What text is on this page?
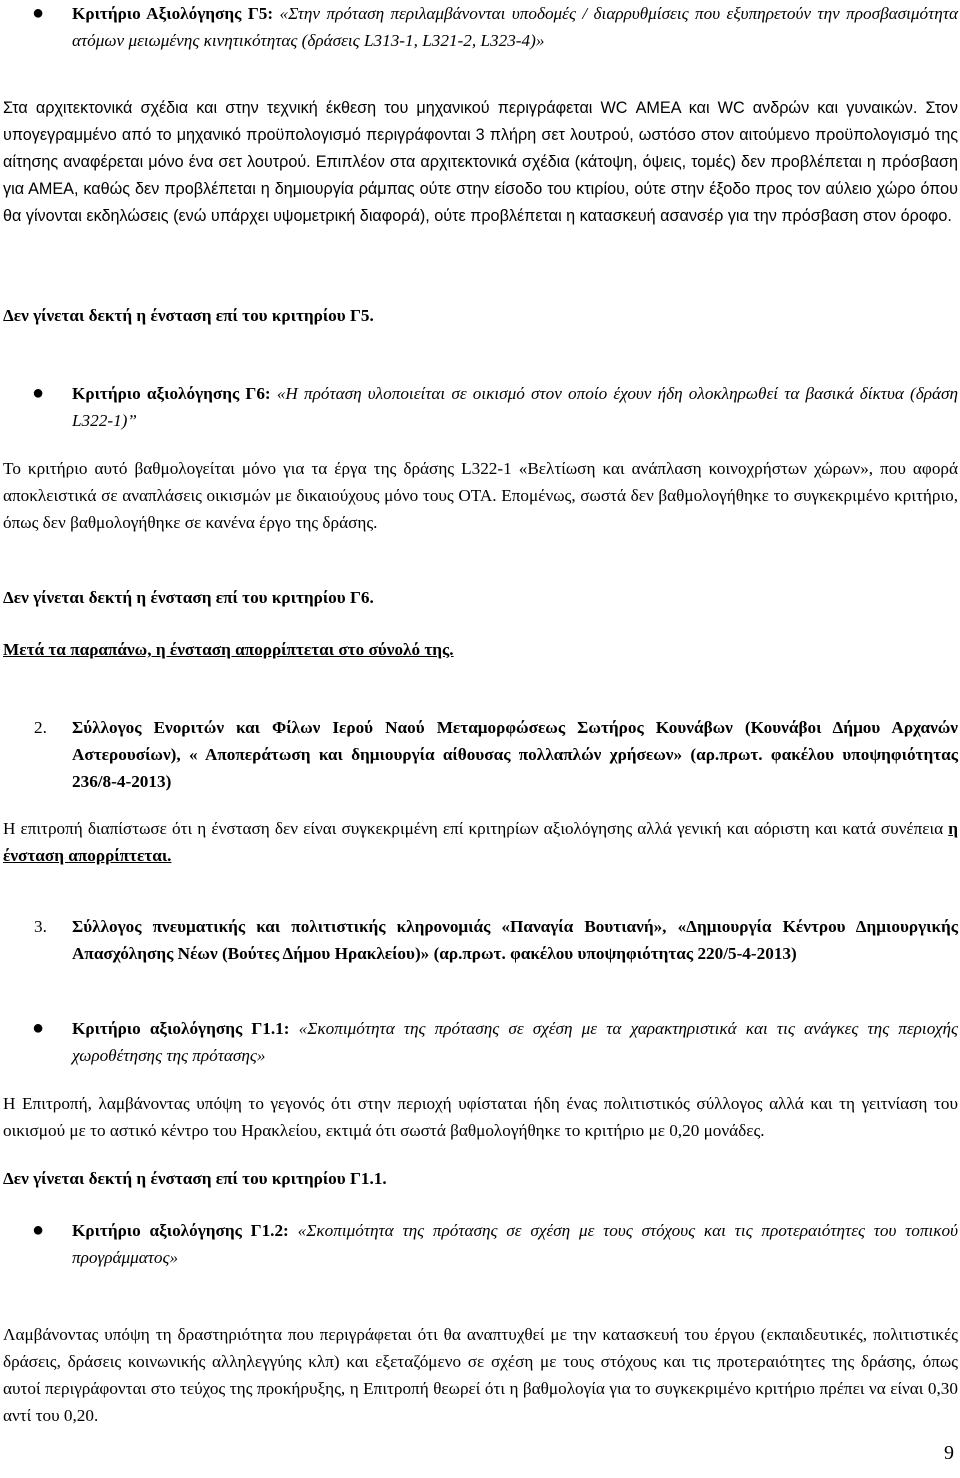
● Κριτήριο Αξιολόγησης Γ5: «Στην πρόταση περιλαμβάνονται υποδομές / διαρρυθμίσεις που εξυπηρετούν την προσβασιμότητα ατόμων μειωμένης κινητικότητας (δράσεις L313-1, L321-2, L323-4)»

Στα αρχιτεκτονικά σχέδια και στην τεχνική έκθεση του μηχανικού περιγράφεται WC ΑΜΕΑ και WC ανδρών και γυναικών. Στον υπογεγραμμένο από το μηχανικό προϋπολογισμό περιγράφονται 3 πλήρη σετ λουτρού, ωστόσο στον αιτούμενο προϋπολογισμό της αίτησης αναφέρεται μόνο ένα σετ λουτρού. Επιπλέον στα αρχιτεκτονικά σχέδια (κάτοψη, όψεις, τομές) δεν προβλέπεται η πρόσβαση για ΑΜΕΑ, καθώς δεν προβλέπεται η δημιουργία ράμπας ούτε στην είσοδο του κτιρίου, ούτε στην έξοδο προς τον αύλειο χώρο όπου θα γίνονται εκδηλώσεις (ενώ υπάρχει υψομετρική διαφορά), ούτε προβλέπεται η κατασκευή ασανσέρ για την πρόσβαση στον όροφο.

Δεν γίνεται δεκτή η ένσταση επί του κριτηρίου Γ5.

● Κριτήριο αξιολόγησης Γ6: «Η πρόταση υλοποιείται σε οικισμό στον οποίο έχουν ήδη ολοκληρωθεί τα βασικά δίκτυα (δράση L322-1)”

Το κριτήριο αυτό βαθμολογείται μόνο για τα έργα της δράσης L322-1 «Βελτίωση και ανάπλαση κοινοχρήστων χώρων», που αφορά αποκλειστικά σε αναπλάσεις οικισμών με δικαιούχους μόνο τους ΟΤΑ. Επομένως, σωστά δεν βαθμολογήθηκε το συγκεκριμένο κριτήριο, όπως δεν βαθμολογήθηκε σε κανένα έργο της δράσης.

Δεν γίνεται δεκτή η ένσταση επί του κριτηρίου Γ6.

Μετά τα παραπάνω, η ένσταση απορρίπτεται στο σύνολό της.

2. Σύλλογος Ενοριτών και Φίλων Ιερού Ναού Μεταμορφώσεως Σωτήρος Κουνάβων (Κουνάβοι Δήμου Αρχανών Αστερουσίων), « Αποπεράτωση και δημιουργία αίθουσας πολλαπλών χρήσεων» (αρ.πρωτ. φακέλου υποψηφιότητας 236/8-4-2013)

Η επιτροπή διαπίστωσε ότι η ένσταση δεν είναι συγκεκριμένη επί κριτηρίων αξιολόγησης αλλά γενική και αόριστη και κατά συνέπεια η ένσταση απορρίπτεται.

3. Σύλλογος πνευματικής και πολιτιστικής κληρονομιάς «Παναγία Βουτιανή», «Δημιουργία Κέντρου Δημιουργικής Απασχόλησης Νέων (Βούτες Δήμου Ηρακλείου)» (αρ.πρωτ. φακέλου υποψηφιότητας 220/5-4-2013)

● Κριτήριο αξιολόγησης Γ1.1: «Σκοπιμότητα της πρότασης σε σχέση με τα χαρακτηριστικά και τις ανάγκες της περιοχής χωροθέτησης της πρότασης»

Η Επιτροπή, λαμβάνοντας υπόψη το γεγονός ότι στην περιοχή υφίσταται ήδη ένας πολιτιστικός σύλλογος αλλά και τη γειτνίαση του οικισμού με το αστικό κέντρο του Ηρακλείου, εκτιμά ότι σωστά βαθμολογήθηκε το κριτήριο με 0,20 μονάδες.

Δεν γίνεται δεκτή η ένσταση επί του κριτηρίου Γ1.1.

● Κριτήριο αξιολόγησης Γ1.2: «Σκοπιμότητα της πρότασης σε σχέση με τους στόχους και τις προτεραιότητες του τοπικού προγράμματος»

Λαμβάνοντας υπόψη τη δραστηριότητα που περιγράφεται ότι θα αναπτυχθεί με την κατασκευή του έργου (εκπαιδευτικές, πολιτιστικές δράσεις, δράσεις κοινωνικής αλληλεγγύης κλπ) και εξεταζόμενο σε σχέση με τους στόχους και τις προτεραιότητες της δράσης, όπως αυτοί περιγράφονται στο τεύχος της προκήρυξης, η Επιτροπή θεωρεί ότι η βαθμολογία για το συγκεκριμένο κριτήριο πρέπει να είναι 0,30 αντί του 0,20.

9
